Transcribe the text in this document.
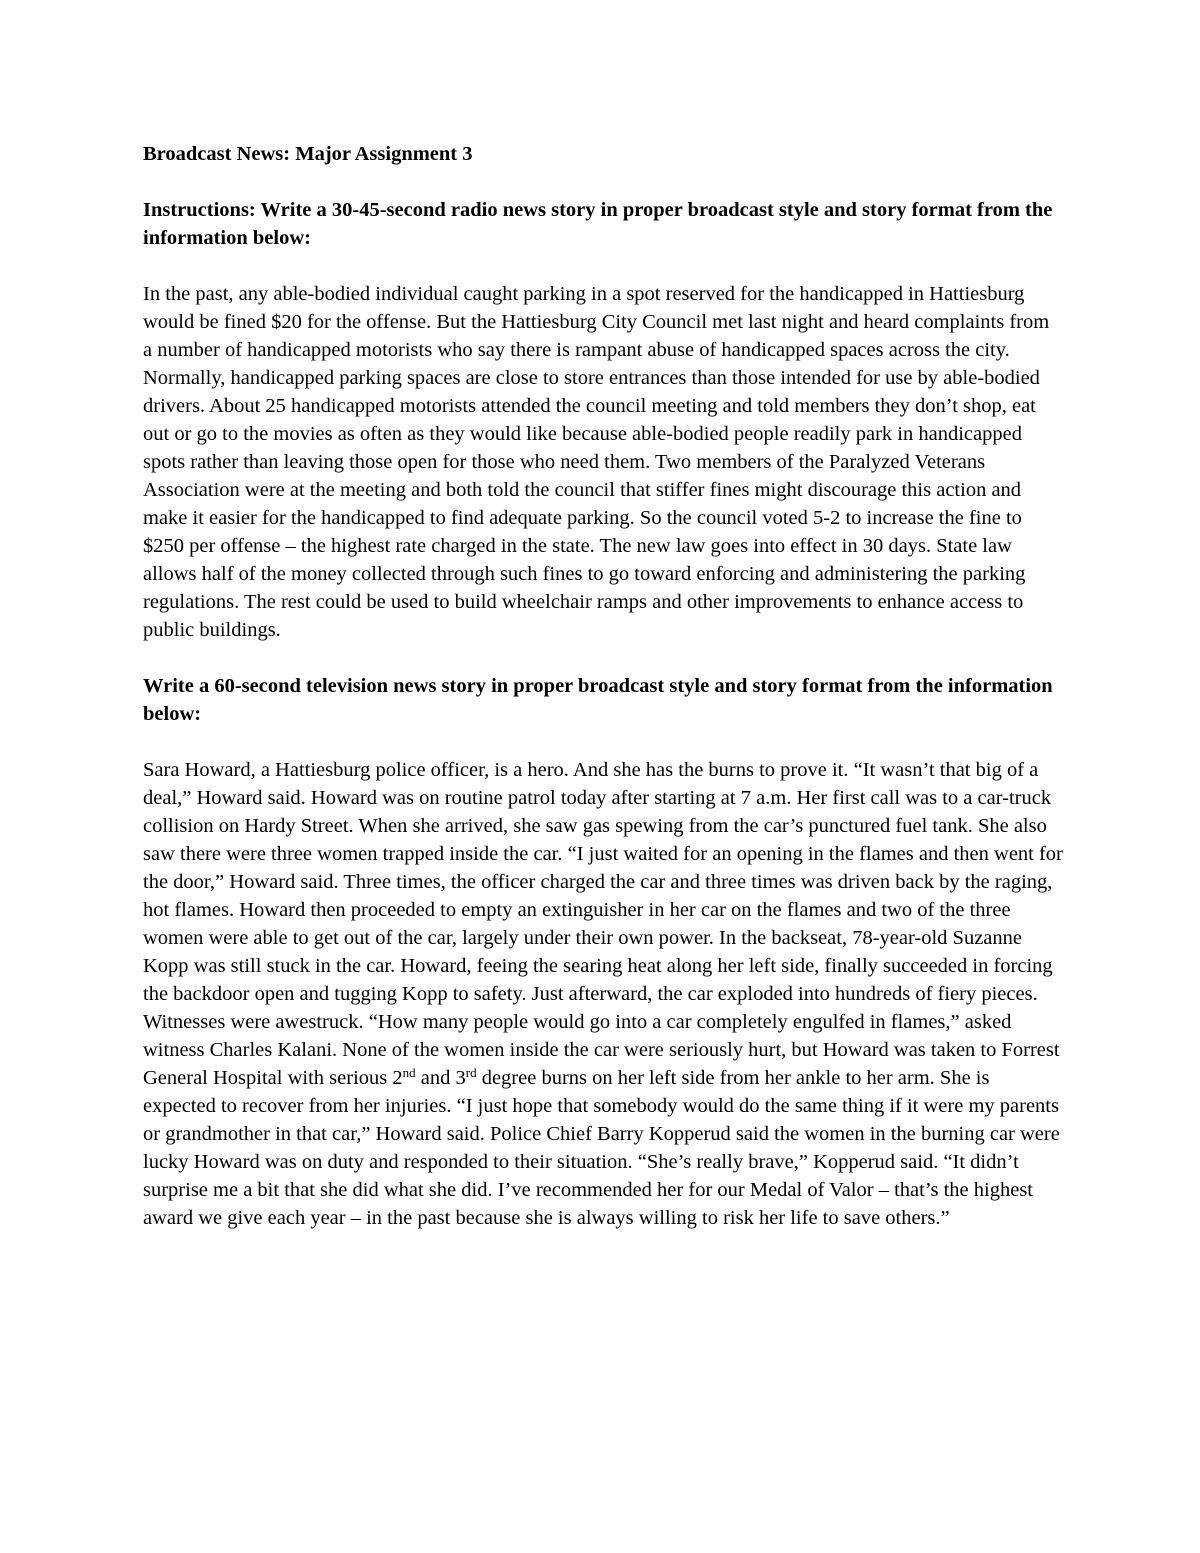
Broadcast News: Major Assignment 3

Instructions: Write a 30-45-second radio news story in proper broadcast style and story format from the information below:

In the past, any able-bodied individual caught parking in a spot reserved for the handicapped in Hattiesburg would be fined $20 for the offense. But the Hattiesburg City Council met last night and heard complaints from a number of handicapped motorists who say there is rampant abuse of handicapped spaces across the city. Normally, handicapped parking spaces are close to store entrances than those intended for use by able-bodied drivers. About 25 handicapped motorists attended the council meeting and told members they don’t shop, eat out or go to the movies as often as they would like because able-bodied people readily park in handicapped spots rather than leaving those open for those who need them. Two members of the Paralyzed Veterans Association were at the meeting and both told the council that stiffer fines might discourage this action and make it easier for the handicapped to find adequate parking. So the council voted 5-2 to increase the fine to $250 per offense – the highest rate charged in the state. The new law goes into effect in 30 days. State law allows half of the money collected through such fines to go toward enforcing and administering the parking regulations. The rest could be used to build wheelchair ramps and other improvements to enhance access to public buildings.

Write a 60-second television news story in proper broadcast style and story format from the information below:

Sara Howard, a Hattiesburg police officer, is a hero. And she has the burns to prove it. “It wasn’t that big of a deal,” Howard said. Howard was on routine patrol today after starting at 7 a.m. Her first call was to a car-truck collision on Hardy Street. When she arrived, she saw gas spewing from the car’s punctured fuel tank. She also saw there were three women trapped inside the car. “I just waited for an opening in the flames and then went for the door,” Howard said. Three times, the officer charged the car and three times was driven back by the raging, hot flames. Howard then proceeded to empty an extinguisher in her car on the flames and two of the three women were able to get out of the car, largely under their own power. In the backseat, 78-year-old Suzanne Kopp was still stuck in the car. Howard, feeing the searing heat along her left side, finally succeeded in forcing the backdoor open and tugging Kopp to safety. Just afterward, the car exploded into hundreds of fiery pieces. Witnesses were awestruck. “How many people would go into a car completely engulfed in flames,” asked witness Charles Kalani. None of the women inside the car were seriously hurt, but Howard was taken to Forrest General Hospital with serious 2nd and 3rd degree burns on her left side from her ankle to her arm. She is expected to recover from her injuries. “I just hope that somebody would do the same thing if it were my parents or grandmother in that car,” Howard said. Police Chief Barry Kopperud said the women in the burning car were lucky Howard was on duty and responded to their situation. “She’s really brave,” Kopperud said. “It didn’t surprise me a bit that she did what she did. I’ve recommended her for our Medal of Valor – that’s the highest award we give each year – in the past because she is always willing to risk her life to save others.”
